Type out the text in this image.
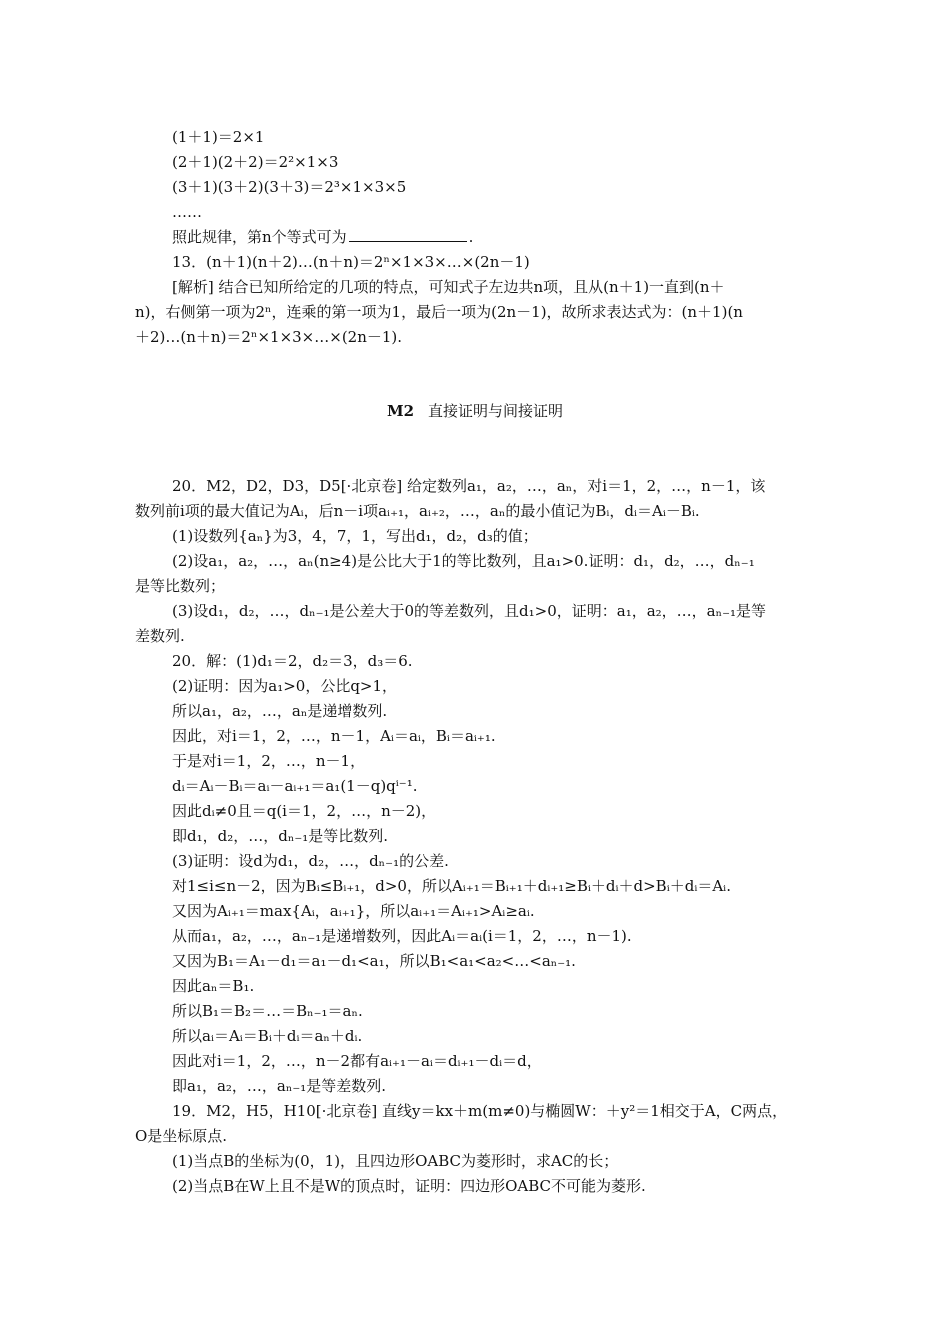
(1＋1)＝2×1
(2＋1)(2＋2)＝2²×1×3
(3＋1)(3＋2)(3＋3)＝2³×1×3×5
……
照此规律，第n个等式可为	.
13．(n＋1)(n＋2)…(n＋n)＝2ⁿ×1×3×…×(2n－1)
[解析] 结合已知所给定的几项的特点，可知式子左边共n项，且从(n＋1)一直到(n＋
n)，右侧第一项为2ⁿ，连乘的第一项为1，最后一项为(2n－1)，故所求表达式为：(n＋1)(n
＋2)…(n＋n)＝2ⁿ×1×3×…×(2n－1).
M2 直接证明与间接证明
20．M2，D2，D3，D5[·北京卷] 给定数列a₁，a₂，…，aₙ，对i＝1，2，…，n－1，该
数列前i项的最大值记为Aᵢ，后n－i项aᵢ₊₁，aᵢ₊₂，…，aₙ的最小值记为Bᵢ，dᵢ＝Aᵢ－Bᵢ.
(1)设数列{aₙ}为3，4，7，1，写出d₁，d₂，d₃的值；
(2)设a₁，a₂，…，aₙ(n≥4)是公比大于1的等比数列，且a₁>0.证明：d₁，d₂，…，dₙ₋₁
是等比数列；
(3)设d₁，d₂，…，dₙ₋₁是公差大于0的等差数列，且d₁>0，证明：a₁，a₂，…，aₙ₋₁是等
差数列.
20．解：(1)d₁＝2，d₂＝3，d₃＝6.
(2)证明：因为a₁>0，公比q>1，
所以a₁，a₂，…，aₙ是递增数列.
因此，对i＝1，2，…，n－1，Aᵢ＝aᵢ，Bᵢ＝aᵢ₊₁.
于是对i＝1，2，…，n－1，
dᵢ＝Aᵢ－Bᵢ＝aᵢ－aᵢ₊₁＝a₁(1－q)qⁱ⁻¹.
因此dᵢ≠0且＝q(i＝1，2，…，n－2)，
即d₁，d₂，…，dₙ₋₁是等比数列.
(3)证明：设d为d₁，d₂，…，dₙ₋₁的公差.
对1≤i≤n－2，因为Bᵢ≤Bᵢ₊₁，d>0，所以Aᵢ₊₁＝Bᵢ₊₁＋dᵢ₊₁≥Bᵢ＋dᵢ＋d>Bᵢ＋dᵢ＝Aᵢ.
又因为Aᵢ₊₁＝max{Aᵢ，aᵢ₊₁}，所以aᵢ₊₁＝Aᵢ₊₁>Aᵢ≥aᵢ.
从而a₁，a₂，…，aₙ₋₁是递增数列，因此Aᵢ＝aᵢ(i＝1，2，…，n－1).
又因为B₁＝A₁－d₁＝a₁－d₁<a₁，所以B₁<a₁<a₂<…<aₙ₋₁.
因此aₙ＝B₁.
所以B₁＝B₂＝…＝Bₙ₋₁＝aₙ.
所以aᵢ＝Aᵢ＝Bᵢ＋dᵢ＝aₙ＋dᵢ.
因此对i＝1，2，…，n－2都有aᵢ₊₁－aᵢ＝dᵢ₊₁－dᵢ＝d，
即a₁，a₂，…，aₙ₋₁是等差数列.
19．M2，H5，H10[·北京卷] 直线y＝kx＋m(m≠0)与椭圆W：＋y²＝1相交于A，C两点，
O是坐标原点.
(1)当点B的坐标为(0，1)，且四边形OABC为菱形时，求AC的长；
(2)当点B在W上且不是W的顶点时，证明：四边形OABC不可能为菱形.
